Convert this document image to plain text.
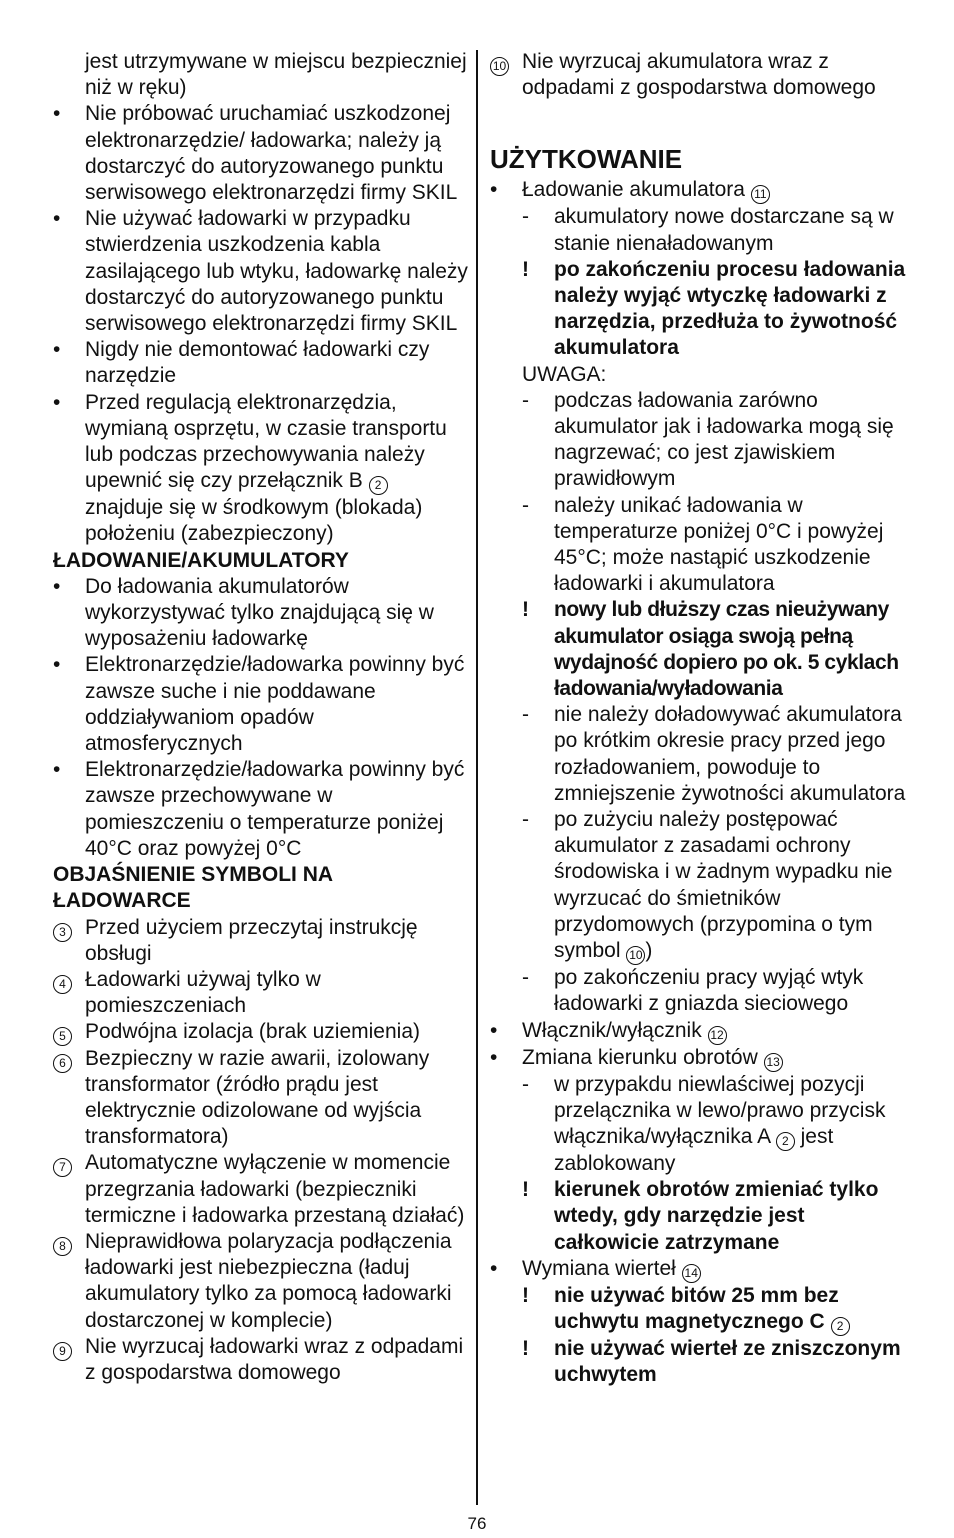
jest utrzymywane w miejscu bezpieczniej niż w ręku)
•	Nie próbować uruchamiać uszkodzonej elektronarzędzie/ ładowarka; należy ją dostarczyć do autoryzowanego punktu serwisowego elektronarzędzi firmy SKIL
•	Nie używać ładowarki w przypadku stwierdzenia uszkodzenia kabla zasilającego lub wtyku, ładowarkę należy dostarczyć do autoryzowanego punktu serwisowego elektronarzędzi firmy SKIL
•	Nigdy nie demontować ładowarki czy narzędzie
•	Przed regulacją elektronarzędzia, wymianą osprzętu, w czasie transportu lub podczas przechowywania należy upewnić się czy przełącznik B 2 znajduje się w środkowym (blokada) położeniu (zabezpieczony)
ŁADOWANIE/AKUMULATORY
•	Do ładowania akumulatorów wykorzystywać tylko znajdującą się w wyposażeniu ładowarkę
•	Elektronarzędzie/ładowarka powinny być zawsze suche i nie poddawane oddziaływaniom opadów atmosferycznych
•	Elektronarzędzie/ładowarka powinny być zawsze przechowywane w pomieszczeniu o temperaturze poniżej 40°C oraz powyżej 0°C
OBJAŚNIENIE SYMBOLI NA ŁADOWARCE
3 Przed użyciem przeczytaj instrukcję obsługi
4 Ładowarki używaj tylko w pomieszczeniach
5 Podwójna izolacja (brak uziemienia)
6 Bezpieczny w razie awarii, izolowany transformator (źródło prądu jest elektrycznie odizolowane od wyjścia transformatora)
7 Automatyczne wyłączenie w momencie przegrzania ładowarki (bezpieczniki termiczne i ładowarka przestaną działać)
8 Nieprawidłowa polaryzacja podłączenia ładowarki jest niebezpieczna (ładuj akumulatory tylko za pomocą ładowarki dostarczonej w komplecie)
9 Nie wyrzucaj ładowarki wraz z odpadami z gospodarstwa domowego
10 Nie wyrzucaj akumulatora wraz z odpadami z gospodarstwa domowego
UŻYTKOWANIE
•	Ładowanie akumulatora 11
-	akumulatory nowe dostarczane są w stanie nienaładowanym
!	po zakończeniu procesu ładowania należy wyjąć wtyczkę ładowarki z narzędzia, przedłuża to żywotność akumulatora
UWAGA:
-	podczas ładowania zarówno akumulator jak i ładowarka mogą się nagrzewać; co jest zjawiskiem prawidłowym
-	należy unikać ładowania w temperaturze poniżej 0°C i powyżej 45°C; może nastąpić uszkodzenie ładowarki i akumulatora
!	nowy lub dłuższy czas nieużywany akumulator osiąga swoją pełną wydajność dopiero po ok. 5 cyklach ładowania/wyładowania
-	nie należy doładowywać akumulatora po krótkim okresie pracy przed jego rozładowaniem, powoduje to zmniejszenie żywotności akumulatora
-	po zużyciu należy postępować akumulator z zasadami ochrony środowiska i w żadnym wypadku nie wyrzucać do śmietników przydomowych (przypomina o tym symbol 10 )
-	po zakończeniu pracy wyjąć wtyk ładowarki z gniazda sieciowego
•	Włącznik/wyłącznik 12
•	Zmiana kierunku obrotów 13
-	w przypakdu niewlaściwej pozycji przelącznika w lewo/prawo przycisk włącznika/wyłącznika A 2 jest zablokowany
!	kierunek obrotów zmieniać tylko wtedy, gdy narzędzie jest całkowicie zatrzymane
•	Wymiana wierteł 14
!	nie używać bitów 25 mm bez uchwytu magnetycznego C 2
!	nie używać wierteł ze zniszczonym uchwytem
76
